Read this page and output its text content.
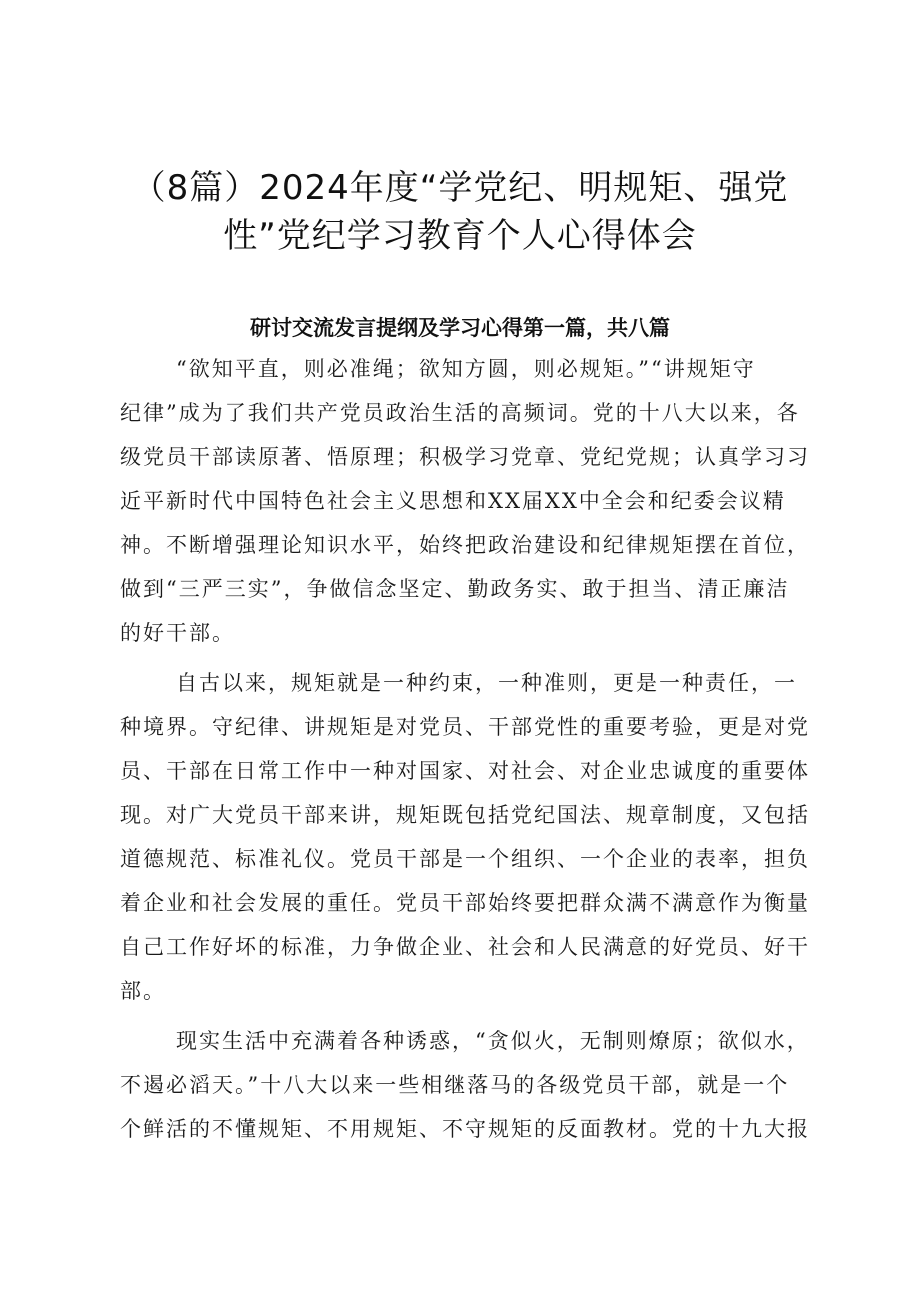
（8篇）2024年度“学党纪、明规矩、强党
性”党纪学习教育个人心得体会
研讨交流发言提纲及学习心得第一篇，共八篇
“欲知平直，则必准绳；欲知方圆，则必规矩。”“讲规矩守
纪律”成为了我们共产党员政治生活的高频词。党的十八大以来，各
级党员干部读原著、悟原理；积极学习党章、党纪党规；认真学习习
近平新时代中国特色社会主义思想和XX届XX中全会和纪委会议精
神。不断增强理论知识水平，始终把政治建设和纪律规矩摆在首位，
做到“三严三实”，争做信念坚定、勤政务实、敢于担当、清正廉洁
的好干部。
自古以来，规矩就是一种约束，一种准则，更是一种责任，一
种境界。守纪律、讲规矩是对党员、干部党性的重要考验，更是对党
员、干部在日常工作中一种对国家、对社会、对企业忠诚度的重要体
现。对广大党员干部来讲，规矩既包括党纪国法、规章制度，又包括
道德规范、标准礼仪。党员干部是一个组织、一个企业的表率，担负
着企业和社会发展的重任。党员干部始终要把群众满不满意作为衡量
自己工作好坏的标准，力争做企业、社会和人民满意的好党员、好干
部。
现实生活中充满着各种诱惑，“贪似火，无制则燎原；欲似水，
不遏必滔天。”十八大以来一些相继落马的各级党员干部，就是一个
个鲜活的不懂规矩、不用规矩、不守规矩的反面教材。党的十九大报
